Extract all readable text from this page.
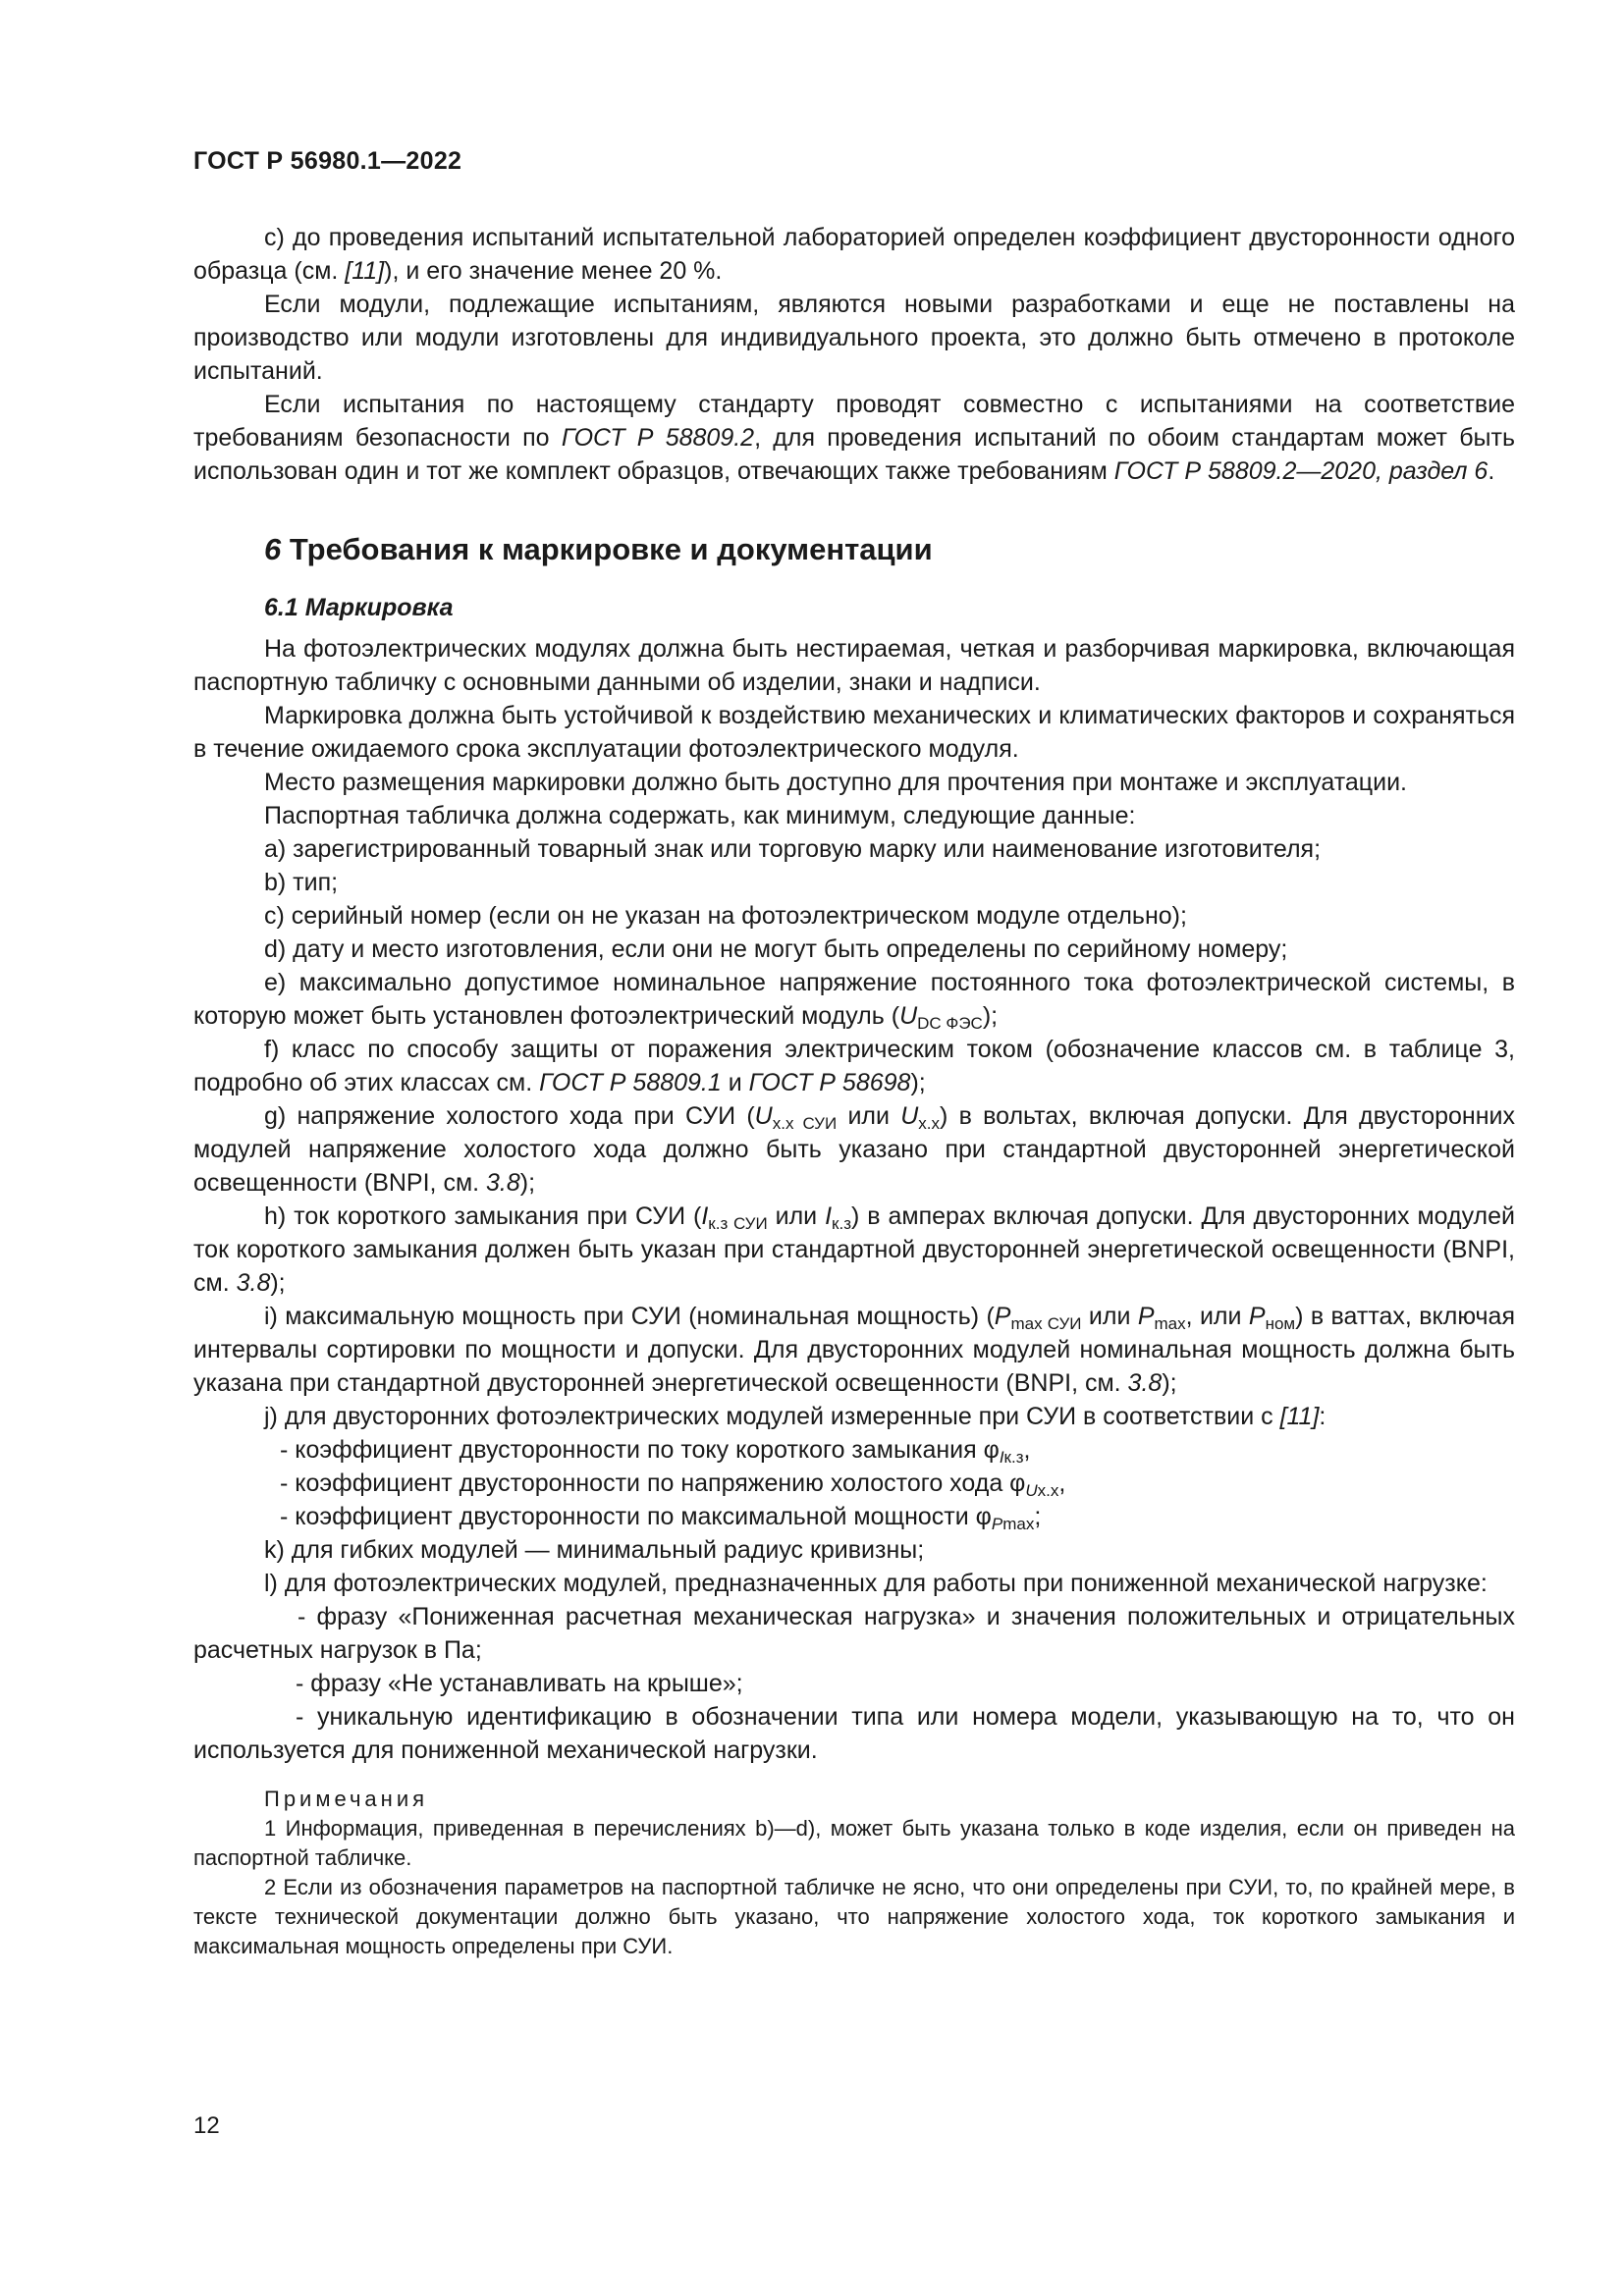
ГОСТ Р 56980.1—2022

с) до проведения испытаний испытательной лабораторией определен коэффициент двусторонности одного образца (см. [11]), и его значение менее 20 %.

Если модули, подлежащие испытаниям, являются новыми разработками и еще не поставлены на производство или модули изготовлены для индивидуального проекта, это должно быть отмечено в протоколе испытаний.

Если испытания по настоящему стандарту проводят совместно с испытаниями на соответствие требованиям безопасности по ГОСТ Р 58809.2, для проведения испытаний по обоим стандартам может быть использован один и тот же комплект образцов, отвечающих также требованиям ГОСТ Р 58809.2—2020, раздел 6.

6 Требования к маркировке и документации
6.1 Маркировка

На фотоэлектрических модулях должна быть нестираемая, четкая и разборчивая маркировка, включающая паспортную табличку с основными данными об изделии, знаки и надписи.

Маркировка должна быть устойчивой к воздействию механических и климатических факторов и сохраняться в течение ожидаемого срока эксплуатации фотоэлектрического модуля.

Место размещения маркировки должно быть доступно для прочтения при монтаже и эксплуатации.

Паспортная табличка должна содержать, как минимум, следующие данные:

а) зарегистрированный товарный знак или торговую марку или наименование изготовителя;

b) тип;

c) серийный номер (если он не указан на фотоэлектрическом модуле отдельно);

d) дату и место изготовления, если они не могут быть определены по серийному номеру;

e) максимально допустимое номинальное напряжение постоянного тока фотоэлектрической системы, в которую может быть установлен фотоэлектрический модуль $(U_{DC ФЭС})$;

f) класс по способу защиты от поражения электрическим током (обозначение классов см. в таблице 3, подробно об этих классах см. ГОСТ Р 58809.1 и ГОСТ Р 58698);

g) напряжение холостого хода при СУИ ($U_{х.х СУИ}$ или $U_{х.х}$) в вольтах, включая допуски. Для двусторонних модулей напряжение холостого хода должно быть указано при стандартной двусторонней энергетической освещенности (BNPI, см. 3.8);

h) ток короткого замыкания при СУИ ($I_{к.з СУИ}$ или $I_{к.з}$) в амперах включая допуски. Для двусторонних модулей ток короткого замыкания должен быть указан при стандартной двусторонней энергетической освещенности (BNPI, см. 3.8);

i) максимальную мощность при СУИ (номинальная мощность) ($P_{max СУИ}$ или $P_{max}$, или $P_{ном}$) в ваттах, включая интервалы сортировки по мощности и допуски. Для двусторонних модулей номинальная мощность должна быть указана при стандартной двусторонней энергетической освещенности (BNPI, см. 3.8);

j) для двусторонних фотоэлектрических модулей измеренные при СУИ в соответствии с [11]:

- коэффициент двусторонности по току короткого замыкания $\varphi_{Iк.з}$,

- коэффициент двусторонности по напряжению холостого хода $\varphi_{Uх.х}$,

- коэффициент двусторонности по максимальной мощности $\varphi_{Pmax}$;

k) для гибких модулей — минимальный радиус кривизны;

l) для фотоэлектрических модулей, предназначенных для работы при пониженной механической нагрузке:

- фразу «Пониженная расчетная механическая нагрузка» и значения положительных и отрицательных расчетных нагрузок в Па;

- фразу «Не устанавливать на крыше»;

- уникальную идентификацию в обозначении типа или номера модели, указывающую на то, что он используется для пониженной механической нагрузки.

Примечания

1 Информация, приведенная в перечислениях b)—d), может быть указана только в коде изделия, если он приведен на паспортной табличке.

2 Если из обозначения параметров на паспортной табличке не ясно, что они определены при СУИ, то, по крайней мере, в тексте технической документации должно быть указано, что напряжение холостого хода, ток короткого замыкания и максимальная мощность определены при СУИ.

12
